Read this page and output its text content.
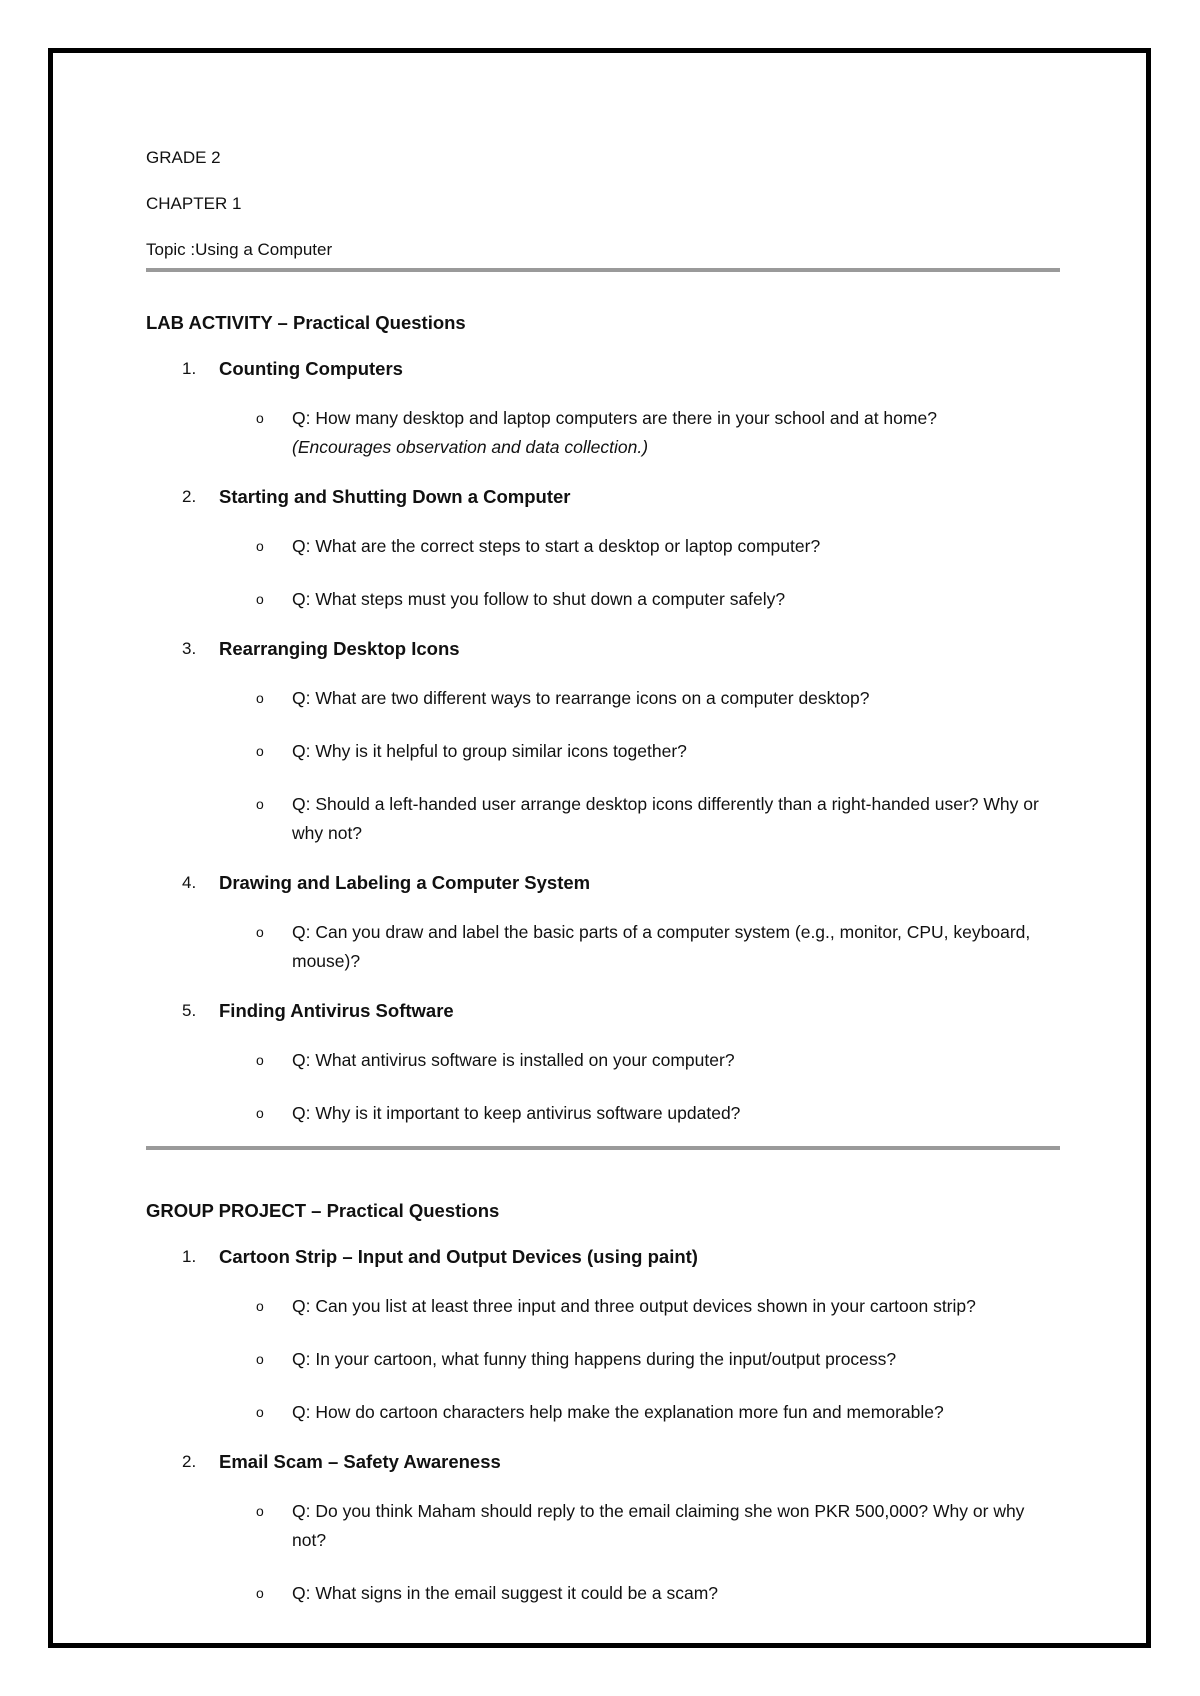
GRADE 2
CHAPTER 1
Topic :Using a Computer
LAB ACTIVITY – Practical Questions
1. Counting Computers
o Q: How many desktop and laptop computers are there in your school and at home?
(Encourages observation and data collection.)
2. Starting and Shutting Down a Computer
o Q: What are the correct steps to start a desktop or laptop computer?
o Q: What steps must you follow to shut down a computer safely?
3. Rearranging Desktop Icons
o Q: What are two different ways to rearrange icons on a computer desktop?
o Q: Why is it helpful to group similar icons together?
o Q: Should a left-handed user arrange desktop icons differently than a right-handed user? Why or why not?
4. Drawing and Labeling a Computer System
o Q: Can you draw and label the basic parts of a computer system (e.g., monitor, CPU, keyboard, mouse)?
5. Finding Antivirus Software
o Q: What antivirus software is installed on your computer?
o Q: Why is it important to keep antivirus software updated?
GROUP PROJECT – Practical Questions
1. Cartoon Strip – Input and Output Devices (using paint)
o Q: Can you list at least three input and three output devices shown in your cartoon strip?
o Q: In your cartoon, what funny thing happens during the input/output process?
o Q: How do cartoon characters help make the explanation more fun and memorable?
2. Email Scam – Safety Awareness
o Q: Do you think Maham should reply to the email claiming she won PKR 500,000? Why or why not?
o Q: What signs in the email suggest it could be a scam?
